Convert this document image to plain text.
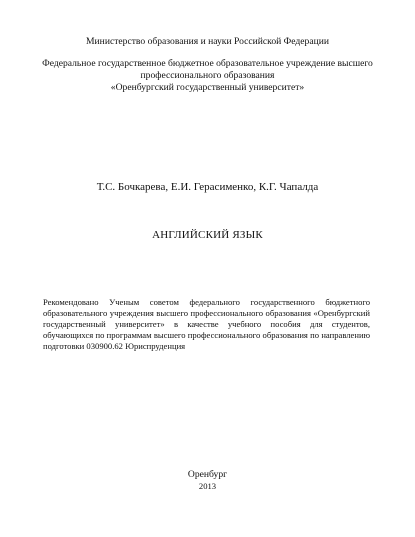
Министерство образования и науки Российской Федерации
Федеральное государственное бюджетное образовательное учреждение высшего
профессионального образования
«Оренбургский государственный университет»
Т.С. Бочкарева, Е.И. Герасименко, К.Г. Чапалда
АНГЛИЙСКИЙ ЯЗЫК
Рекомендовано Ученым советом федерального государственного бюджетного образовательного учреждения высшего профессионального образования «Оренбургский государственный университет» в качестве учебного пособия для студентов, обучающихся по программам высшего профессионального образования по направлению подготовки 030900.62 Юриспруденция
Оренбург
2013
